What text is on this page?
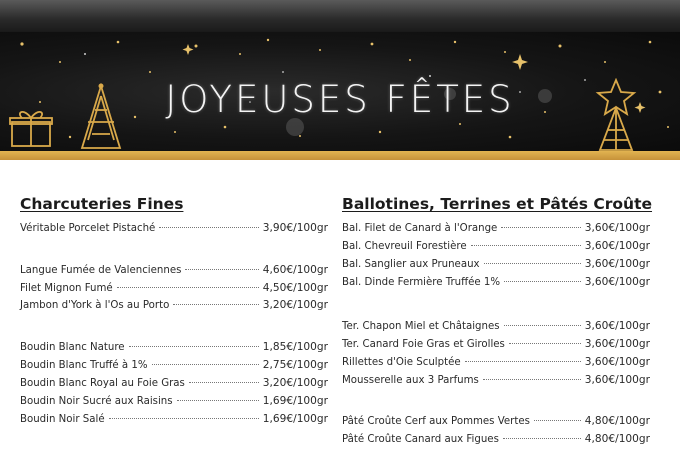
JOYEUSES FÊTES
Charcuteries Fines
Véritable Porcelet Pistaché	3,90€/100gr
Langue Fumée de Valenciennes	4,60€/100gr
Filet Mignon Fumé	4,50€/100gr
Jambon d'York à l'Os au Porto	3,20€/100gr
Boudin Blanc Nature	1,85€/100gr
Boudin Blanc Truffé à 1%	2,75€/100gr
Boudin Blanc Royal au Foie Gras	3,20€/100gr
Boudin Noir Sucré aux Raisins	1,69€/100gr
Boudin Noir Salé	1,69€/100gr
Ballotines, Terrines et Pâtés Croûte
Bal. Filet de Canard à l'Orange	3,60€/100gr
Bal. Chevreuil Forestière	3,60€/100gr
Bal. Sanglier aux Pruneaux	3,60€/100gr
Bal. Dinde Fermière Truffée 1%	3,60€/100gr
Ter. Chapon Miel et Châtaignes	3,60€/100gr
Ter. Canard Foie Gras et Girolles	3,60€/100gr
Rillettes d'Oie Sculptée	3,60€/100gr
Mousserelle aux 3 Parfums	3,60€/100gr
Pâté Croûte Cerf aux Pommes Vertes	4,80€/100gr
Pâté Croûte Canard aux Figues	4,80€/100gr
